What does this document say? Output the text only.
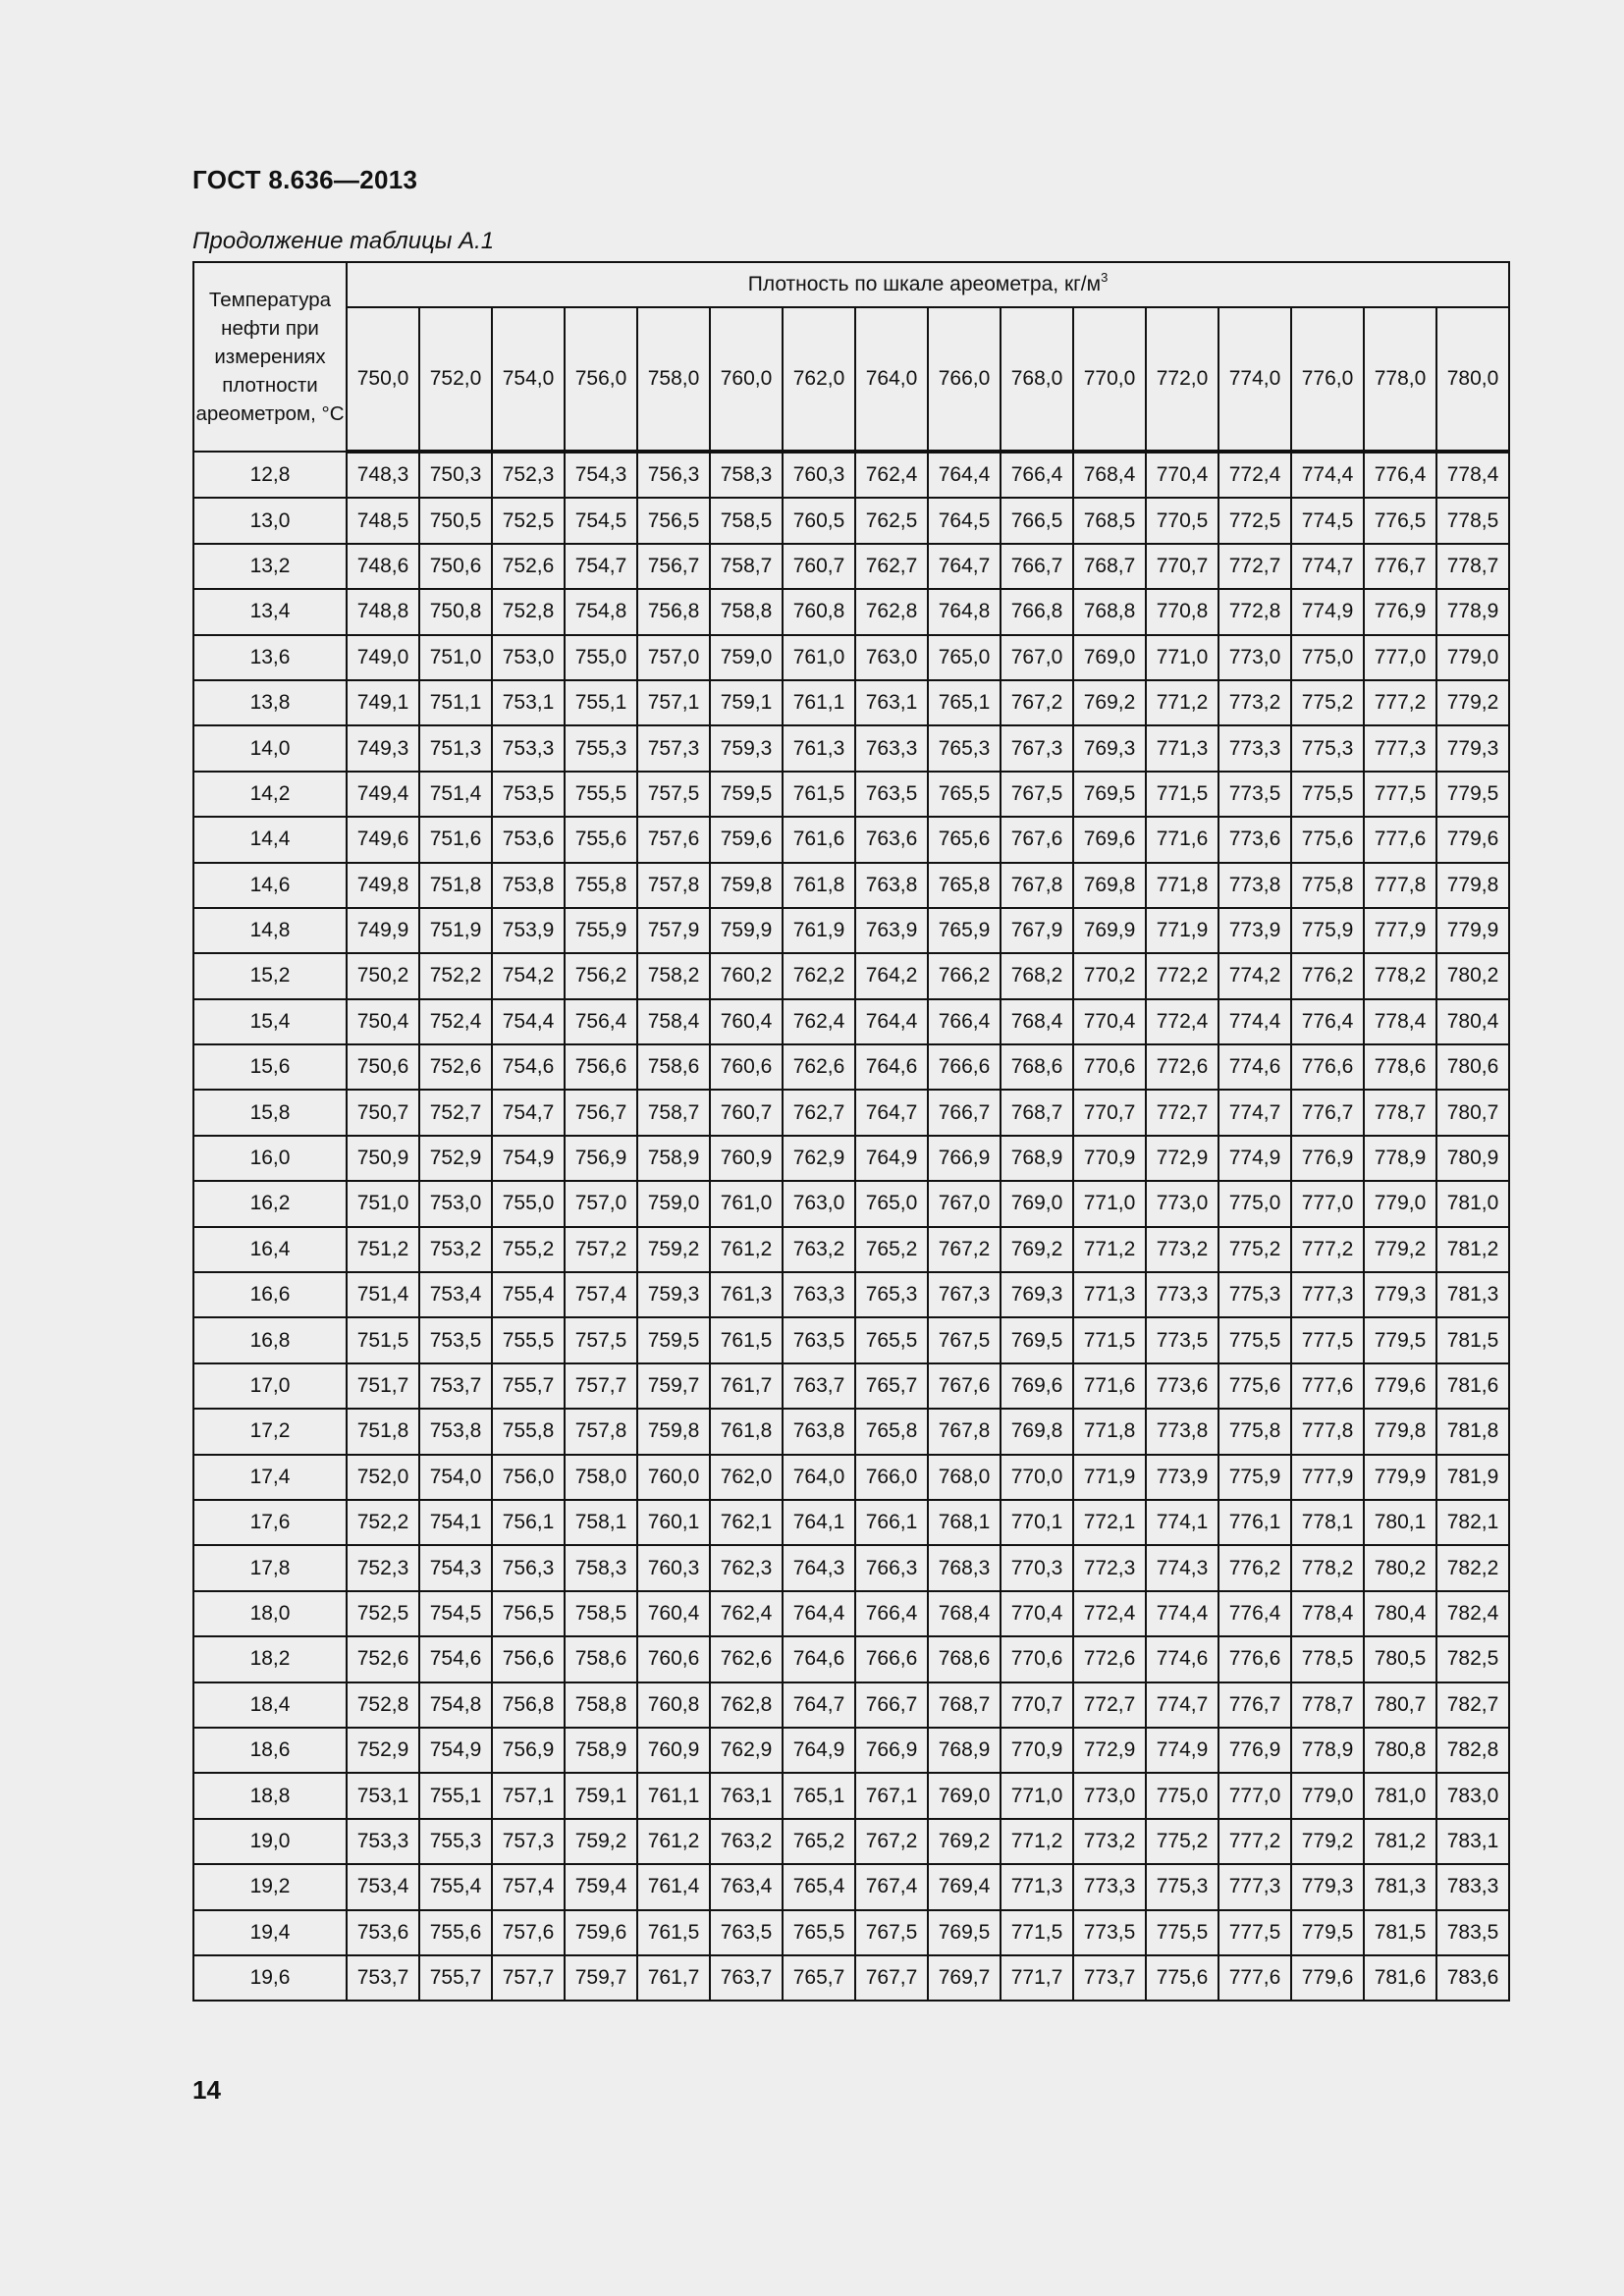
ГОСТ 8.636—2013
Продолжение таблицы А.1
Температура нефти при измерениях плотности ареометром, °С	Плотность по шкале ареометра, $кг/м^3$
	750,0	752,0	754,0	756,0	758,0	760,0	762,0	764,0	766,0	768,0	770,0	772,0	774,0	776,0	778,0	780,0
12,8	748,3	750,3	752,3	754,3	756,3	758,3	760,3	762,4	764,4	766,4	768,4	770,4	772,4	774,4	776,4	778,4
13,0	748,5	750,5	752,5	754,5	756,5	758,5	760,5	762,5	764,5	766,5	768,5	770,5	772,5	774,5	776,5	778,5
13,2	748,6	750,6	752,6	754,7	756,7	758,7	760,7	762,7	764,7	766,7	768,7	770,7	772,7	774,7	776,7	778,7
13,4	748,8	750,8	752,8	754,8	756,8	758,8	760,8	762,8	764,8	766,8	768,8	770,8	772,8	774,9	776,9	778,9
13,6	749,0	751,0	753,0	755,0	757,0	759,0	761,0	763,0	765,0	767,0	769,0	771,0	773,0	775,0	777,0	779,0
13,8	749,1	751,1	753,1	755,1	757,1	759,1	761,1	763,1	765,1	767,2	769,2	771,2	773,2	775,2	777,2	779,2
14,0	749,3	751,3	753,3	755,3	757,3	759,3	761,3	763,3	765,3	767,3	769,3	771,3	773,3	775,3	777,3	779,3
14,2	749,4	751,4	753,5	755,5	757,5	759,5	761,5	763,5	765,5	767,5	769,5	771,5	773,5	775,5	777,5	779,5
14,4	749,6	751,6	753,6	755,6	757,6	759,6	761,6	763,6	765,6	767,6	769,6	771,6	773,6	775,6	777,6	779,6
14,6	749,8	751,8	753,8	755,8	757,8	759,8	761,8	763,8	765,8	767,8	769,8	771,8	773,8	775,8	777,8	779,8
14,8	749,9	751,9	753,9	755,9	757,9	759,9	761,9	763,9	765,9	767,9	769,9	771,9	773,9	775,9	777,9	779,9
15,2	750,2	752,2	754,2	756,2	758,2	760,2	762,2	764,2	766,2	768,2	770,2	772,2	774,2	776,2	778,2	780,2
15,4	750,4	752,4	754,4	756,4	758,4	760,4	762,4	764,4	766,4	768,4	770,4	772,4	774,4	776,4	778,4	780,4
15,6	750,6	752,6	754,6	756,6	758,6	760,6	762,6	764,6	766,6	768,6	770,6	772,6	774,6	776,6	778,6	780,6
15,8	750,7	752,7	754,7	756,7	758,7	760,7	762,7	764,7	766,7	768,7	770,7	772,7	774,7	776,7	778,7	780,7
16,0	750,9	752,9	754,9	756,9	758,9	760,9	762,9	764,9	766,9	768,9	770,9	772,9	774,9	776,9	778,9	780,9
16,2	751,0	753,0	755,0	757,0	759,0	761,0	763,0	765,0	767,0	769,0	771,0	773,0	775,0	777,0	779,0	781,0
16,4	751,2	753,2	755,2	757,2	759,2	761,2	763,2	765,2	767,2	769,2	771,2	773,2	775,2	777,2	779,2	781,2
16,6	751,4	753,4	755,4	757,4	759,3	761,3	763,3	765,3	767,3	769,3	771,3	773,3	775,3	777,3	779,3	781,3
16,8	751,5	753,5	755,5	757,5	759,5	761,5	763,5	765,5	767,5	769,5	771,5	773,5	775,5	777,5	779,5	781,5
17,0	751,7	753,7	755,7	757,7	759,7	761,7	763,7	765,7	767,6	769,6	771,6	773,6	775,6	777,6	779,6	781,6
17,2	751,8	753,8	755,8	757,8	759,8	761,8	763,8	765,8	767,8	769,8	771,8	773,8	775,8	777,8	779,8	781,8
17,4	752,0	754,0	756,0	758,0	760,0	762,0	764,0	766,0	768,0	770,0	771,9	773,9	775,9	777,9	779,9	781,9
17,6	752,2	754,1	756,1	758,1	760,1	762,1	764,1	766,1	768,1	770,1	772,1	774,1	776,1	778,1	780,1	782,1
17,8	752,3	754,3	756,3	758,3	760,3	762,3	764,3	766,3	768,3	770,3	772,3	774,3	776,2	778,2	780,2	782,2
18,0	752,5	754,5	756,5	758,5	760,4	762,4	764,4	766,4	768,4	770,4	772,4	774,4	776,4	778,4	780,4	782,4
18,2	752,6	754,6	756,6	758,6	760,6	762,6	764,6	766,6	768,6	770,6	772,6	774,6	776,6	778,5	780,5	782,5
18,4	752,8	754,8	756,8	758,8	760,8	762,8	764,7	766,7	768,7	770,7	772,7	774,7	776,7	778,7	780,7	782,7
18,6	752,9	754,9	756,9	758,9	760,9	762,9	764,9	766,9	768,9	770,9	772,9	774,9	776,9	778,9	780,8	782,8
18,8	753,1	755,1	757,1	759,1	761,1	763,1	765,1	767,1	769,0	771,0	773,0	775,0	777,0	779,0	781,0	783,0
19,0	753,3	755,3	757,3	759,2	761,2	763,2	765,2	767,2	769,2	771,2	773,2	775,2	777,2	779,2	781,2	783,1
19,2	753,4	755,4	757,4	759,4	761,4	763,4	765,4	767,4	769,4	771,3	773,3	775,3	777,3	779,3	781,3	783,3
19,4	753,6	755,6	757,6	759,6	761,5	763,5	765,5	767,5	769,5	771,5	773,5	775,5	777,5	779,5	781,5	783,5
19,6	753,7	755,7	757,7	759,7	761,7	763,7	765,7	767,7	769,7	771,7	773,7	775,6	777,6	779,6	781,6	783,6
14
